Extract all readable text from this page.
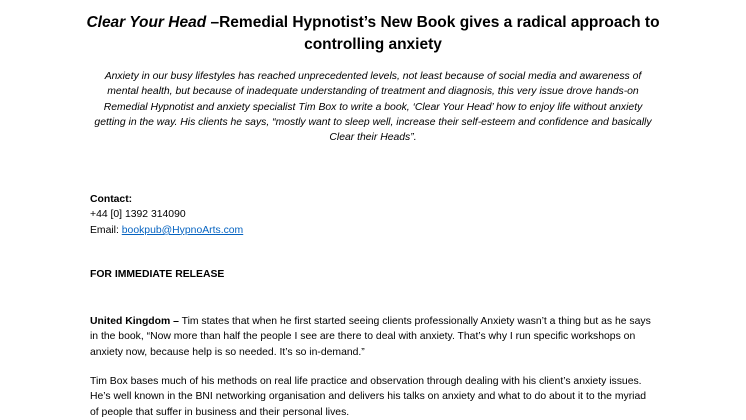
Clear Your Head –Remedial Hypnotist’s New Book gives a radical approach to controlling anxiety

Anxiety in our busy lifestyles has reached unprecedented levels, not least because of social media and awareness of mental health, but because of inadequate understanding of treatment and diagnosis, this very issue drove hands-on Remedial Hypnotist and anxiety specialist Tim Box to write a book, ‘Clear Your Head’ how to enjoy life without anxiety getting in the way. His clients he says, “mostly want to sleep well, increase their self-esteem and confidence and basically Clear their Heads”.

Contact:
+44 [0] 1392 314090
Email: bookpub@HypnoArts.com

FOR IMMEDIATE RELEASE

United Kingdom – Tim states that when he first started seeing clients professionally Anxiety wasn’t a thing but as he says in the book, “Now more than half the people I see are there to deal with anxiety. That’s why I run specific workshops on anxiety now, because help is so needed. It’s so in-demand.”

Tim Box bases much of his methods on real life practice and observation through dealing with his client’s anxiety issues. He’s well known in the BNI networking organisation and delivers his talks on anxiety and what to do about it to the myriad of people that suffer in business and their personal lives.
